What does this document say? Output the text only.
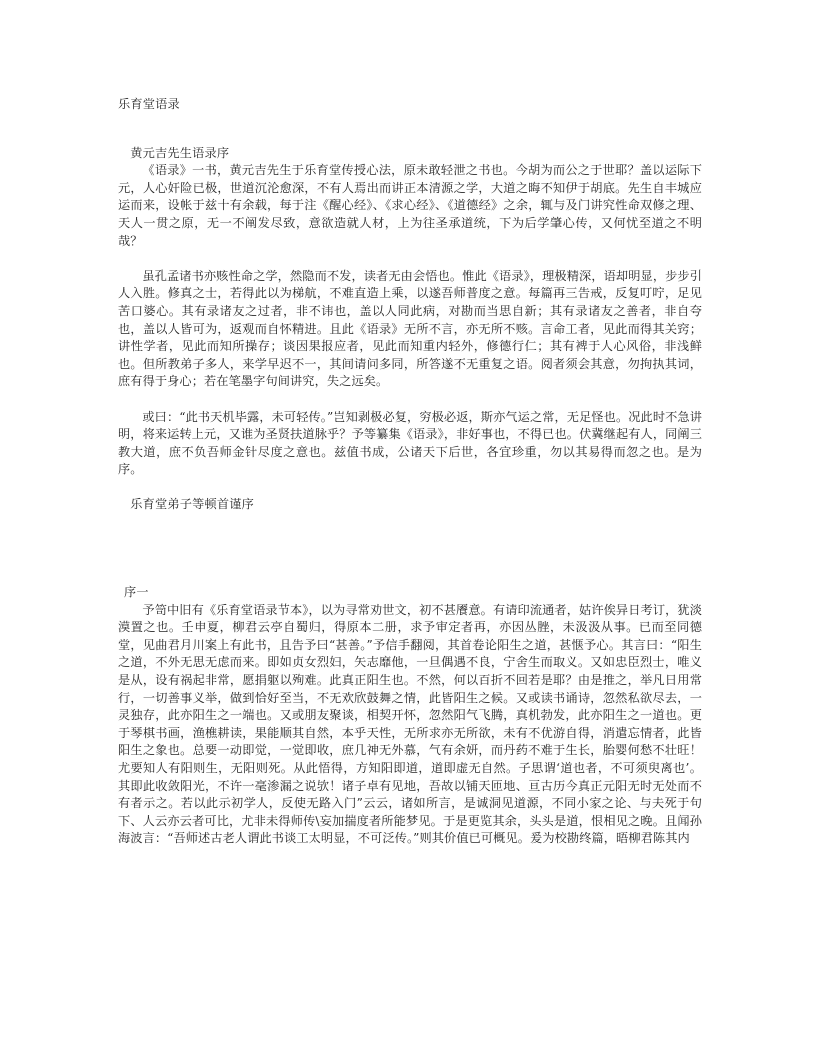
乐育堂语录

黄元吉先生语录序

《语录》一书，黄元吉先生于乐育堂传授心法，原未敢轻泄之书也。今胡为而公之于世耶？盖以运际下元，人心奸险已极，世道沉沦愈深，不有人焉出而讲正本清源之学，大道之晦不知伊于胡底。先生自丰城应运而来，设帐于兹十有余载，每于注《醒心经》、《求心经》、《道德经》之余，辄与及门讲究性命双修之理、天人一贯之原，无一不阐发尽致，意欲造就人材，上为往圣承道统，下为后学肇心传，又何忧至道之不明哉？

虽孔孟诸书亦赅性命之学，然隐而不发，读者无由会悟也。惟此《语录》，理极精深，语却明显，步步引人入胜。修真之士，若得此以为梯航，不难直造上乘，以遂吾师普度之意。每篇再三告戒，反复叮咛，足见苦口婆心。其有录诸友之过者，非不讳也，盖以人同此病，对勘而当思自新；其有录诸友之善者，非自夸也，盖以人皆可为，返观而自怀精进。且此《语录》无所不言，亦无所不赅。言命工者，见此而得其关窍；讲性学者，见此而知所操存；谈因果报应者，见此而知重内轻外，修德行仁；其有裨于人心风俗，非浅鲜也。但所教弟子多人，来学早迟不一，其间请问多同，所答遂不无重复之语。阅者须会其意，勿拘执其词，庶有得于身心；若在笔墨字句间讲究，失之远矣。

或曰：“此书天机毕露，未可轻传。”岂知剥极必复，穷极必返，斯亦气运之常，无足怪也。况此时不急讲明，将来运转上元，又谁为圣贤扶道脉乎？予等纂集《语录》，非好事也，不得已也。伏冀继起有人，同阐三教大道，庶不负吾师金针尽度之意也。兹值书成，公诸天下后世，各宜珍重，勿以其易得而忽之也。是为序。

乐育堂弟子等顿首谨序

序一

予笥中旧有《乐育堂语录节本》，以为寻常劝世文，初不甚餍意。有请印流通者，姑许俟异日考订，犹淡漠置之也。壬申夏，柳君云亭自蜀归，得原本二册，求予审定者再，亦因丛脞，未汲汲从事。已而至同德堂，见曲君月川案上有此书，且告予曰“甚善。”予信手翻阅，其首卷论阳生之道，甚惬予心。其言曰：“阳生之道，不外无思无虑而来。即如贞女烈妇，矢志靡他，一旦偶遇不良，宁舍生而取义。又如忠臣烈士，唯义是从，设有祸起非常，愿捐躯以殉难。此真正阳生也。不然，何以百折不回若是耶？由是推之，举凡日用常行，一切善事义举，做到恰好至当，不无欢欣鼓舞之情，此皆阳生之候。又或读书诵诗，忽然私欲尽去，一灵独存，此亦阳生之一端也。又或朋友聚谈，相契开怀，忽然阳气飞腾，真机勃发，此亦阳生之一道也。更于琴棋书画，渔樵耕读，果能顺其自然，本乎天性，无所求亦无所欲，未有不优游自得，消遣忘情者，此皆阳生之象也。总要一动即觉，一觉即收，庶几神无外慕，气有余妍，而丹药不难于生长，胎婴何愁不壮旺！尤要知人有阳则生，无阳则死。从此悟得，方知阳即道，道即虚无自然。子思谓‘道也者，不可须臾离也’。其即此收敛阳光，不许一毫渗漏之说欤！诸子卓有见地，吾故以铺天匝地、亘古历今真正元阳无时无处而不有者示之。若以此示初学人，反使无路入门”云云，诸如所言，是诚洞见道源，不同小家之论、与夫死于句下、人云亦云者可比，尤非未得师传\妄加揣度者所能梦见。于是更览其余，头头是道，恨相见之晚。且闻孙海波言：“吾师述古老人谓此书谈工太明显，不可泛传。”则其价值已可概见。爰为校勘终篇，晤柳君陈其内
